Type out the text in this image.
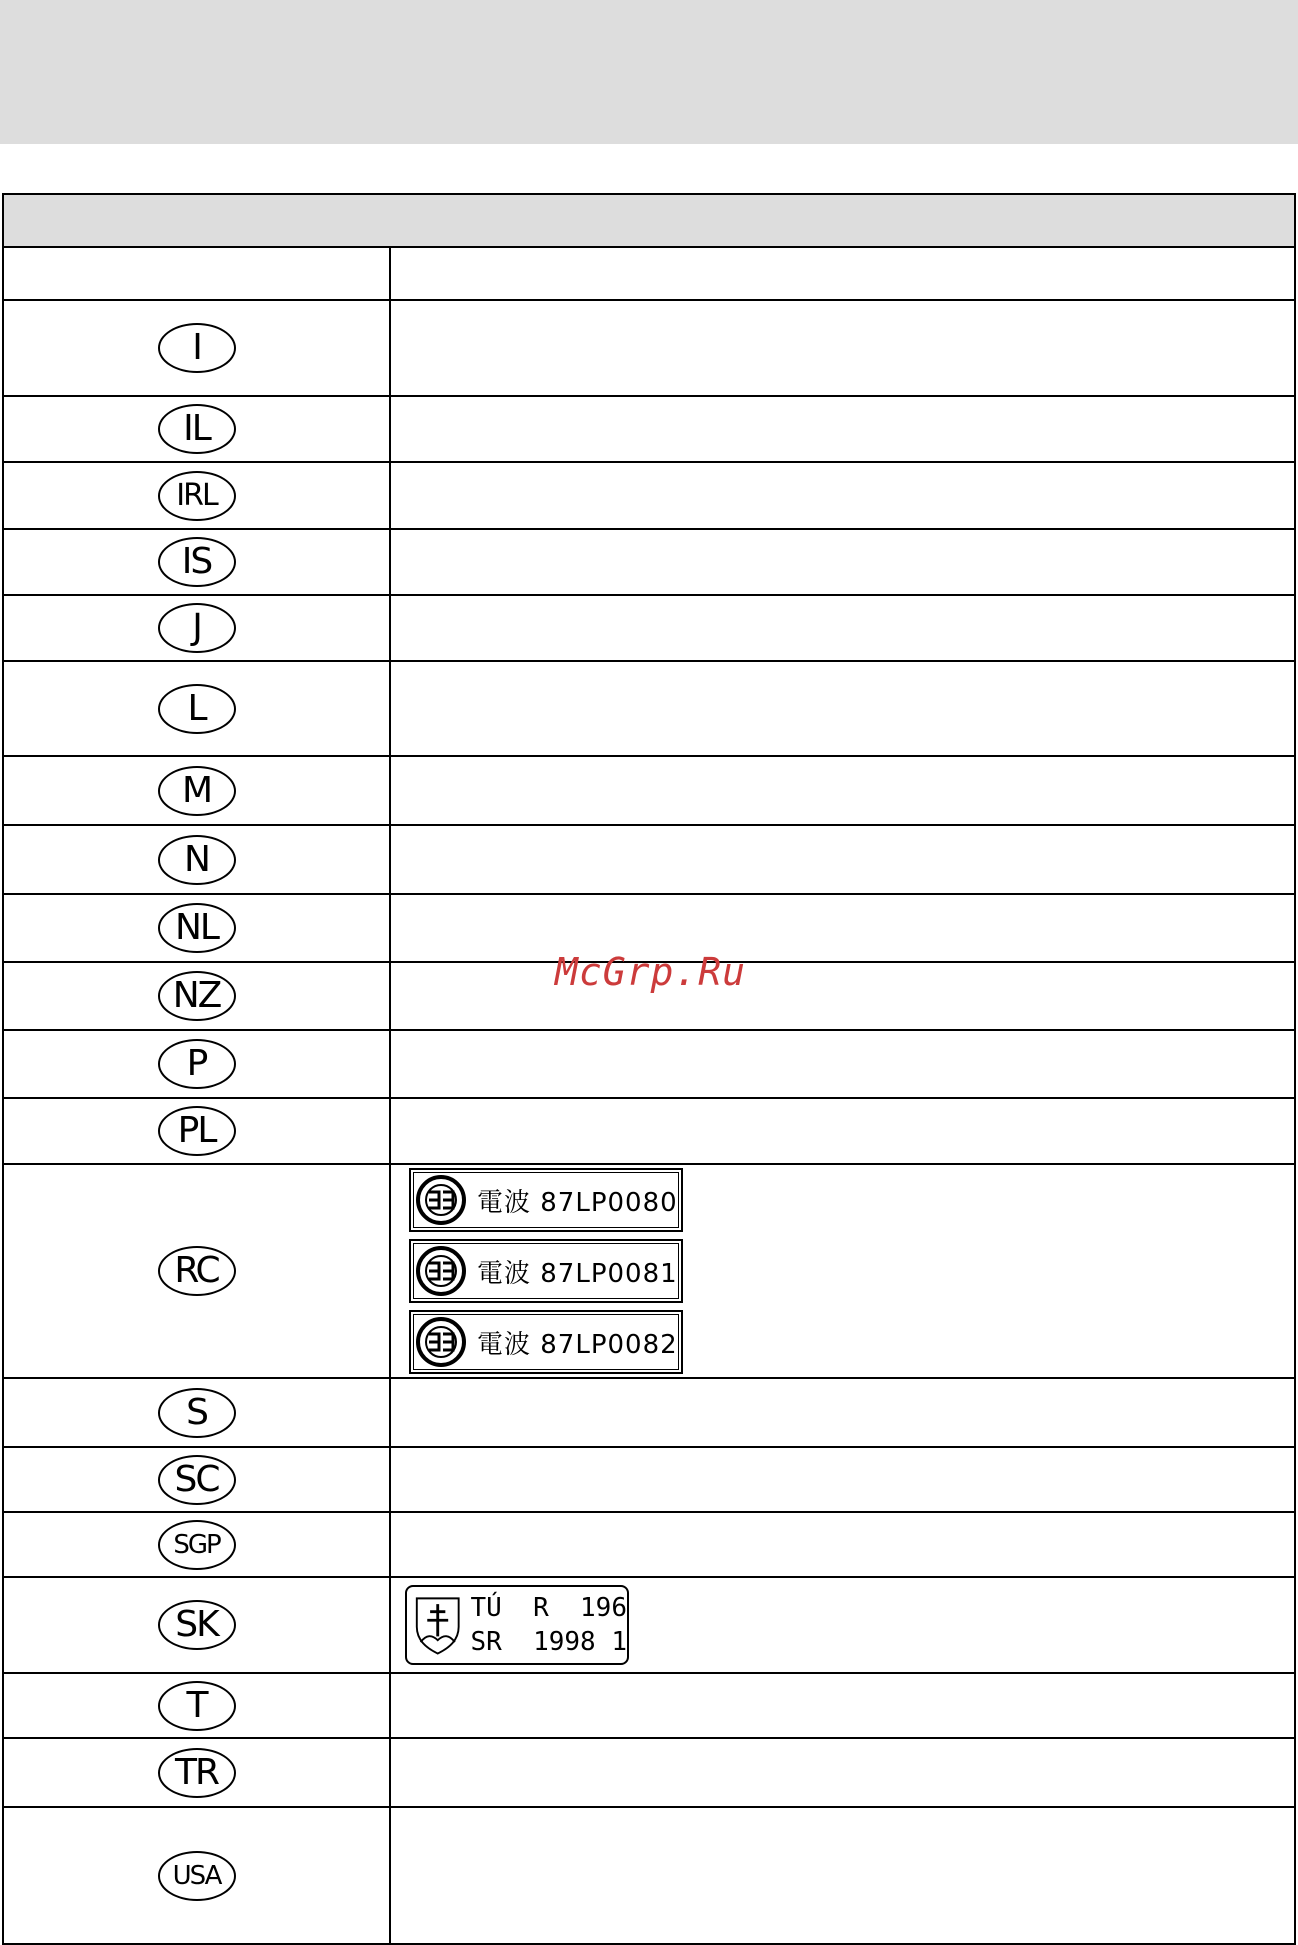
I
IL
IRL
IS
J
L
M
N
NL
NZ
P
PL
RC
電波 87LP0080
電波 87LP0081
電波 87LP0082
S
SC
SGP
SK	TÚ  R  196
SR  1998 1
T
TR
USA
McGrp.Ru
